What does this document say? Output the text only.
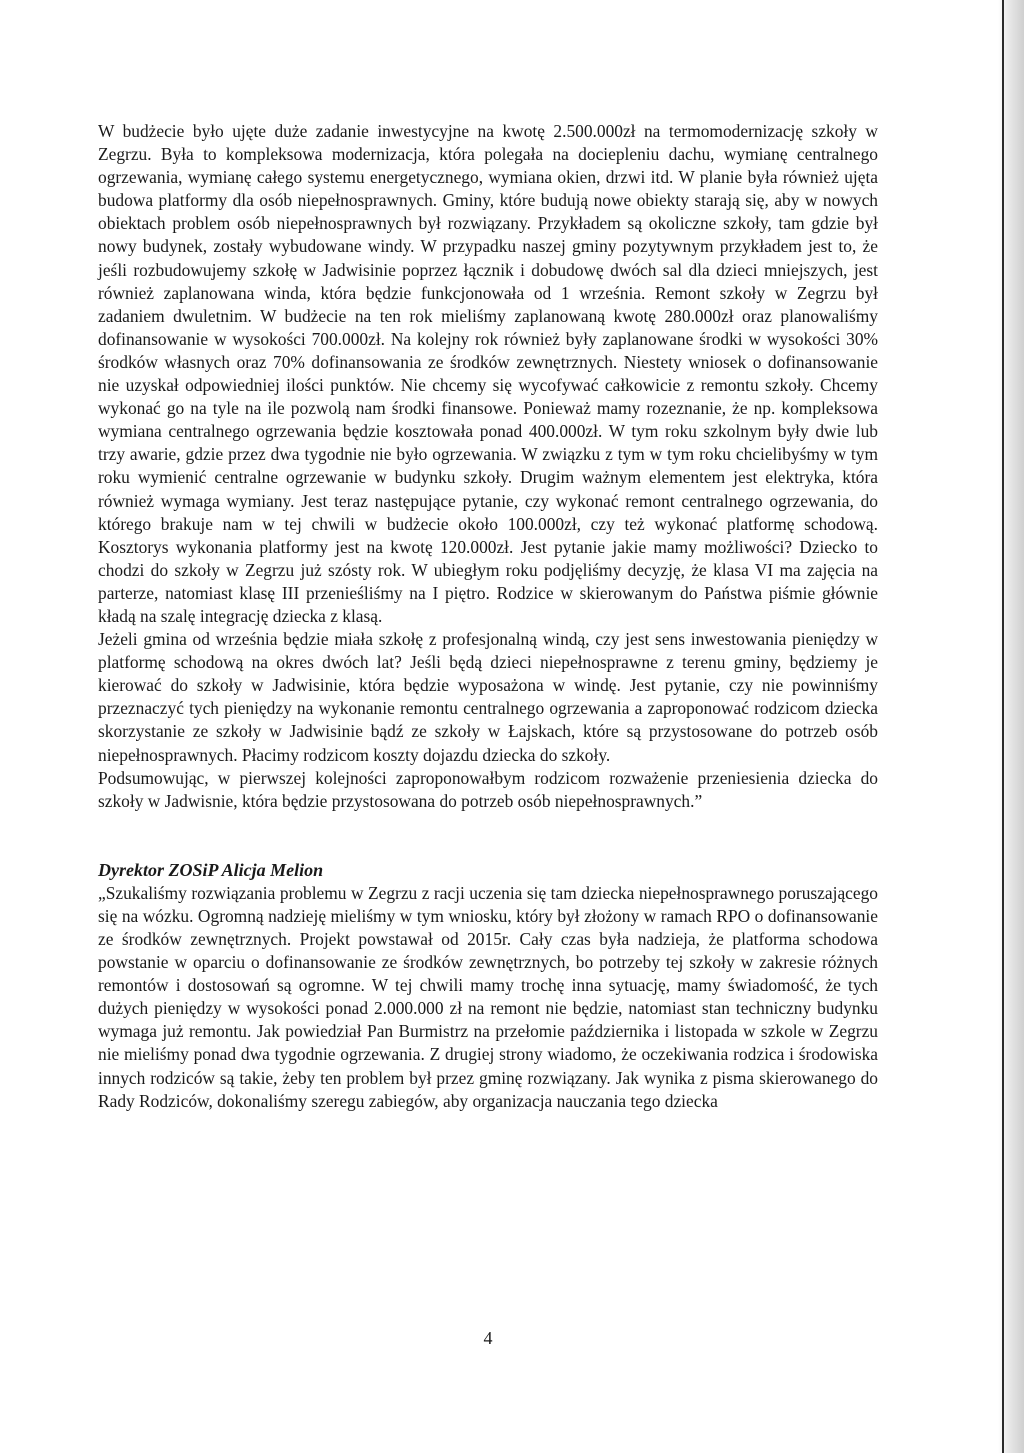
W budżecie było ujęte duże zadanie inwestycyjne na kwotę 2.500.000zł na termomodernizację szkoły w Zegrzu. Była to kompleksowa modernizacja, która polegała na dociepleniu dachu, wymianę centralnego ogrzewania, wymianę całego systemu energetycznego, wymiana okien, drzwi itd. W planie była również ujęta budowa platformy dla osób niepełnosprawnych. Gminy, które budują nowe obiekty starają się, aby w nowych obiektach problem osób niepełnosprawnych był rozwiązany. Przykładem są okoliczne szkoły, tam gdzie był nowy budynek, zostały wybudowane windy. W przypadku naszej gminy pozytywnym przykładem jest to, że jeśli rozbudowujemy szkołę w Jadwisinie poprzez łącznik i dobudowę dwóch sal dla dzieci mniejszych, jest również zaplanowana winda, która będzie funkcjonowała od 1 września. Remont szkoły w Zegrzu był zadaniem dwuletnim. W budżecie na ten rok mieliśmy zaplanowaną kwotę 280.000zł oraz planowaliśmy dofinansowanie w wysokości 700.000zł. Na kolejny rok również były zaplanowane środki w wysokości 30% środków własnych oraz 70% dofinansowania ze środków zewnętrznych. Niestety wniosek o dofinansowanie nie uzyskał odpowiedniej ilości punktów. Nie chcemy się wycofywać całkowicie z remontu szkoły. Chcemy wykonać go na tyle na ile pozwolą nam środki finansowe. Ponieważ mamy rozeznanie, że np. kompleksowa wymiana centralnego ogrzewania będzie kosztowała ponad 400.000zł. W tym roku szkolnym były dwie lub trzy awarie, gdzie przez dwa tygodnie nie było ogrzewania. W związku z tym w tym roku chcielibyśmy w tym roku wymienić centralne ogrzewanie w budynku szkoły. Drugim ważnym elementem jest elektryka, która również wymaga wymiany. Jest teraz następujące pytanie, czy wykonać remont centralnego ogrzewania, do którego brakuje nam w tej chwili w budżecie około 100.000zł, czy też wykonać platformę schodową. Kosztorys wykonania platformy jest na kwotę 120.000zł. Jest pytanie jakie mamy możliwości? Dziecko to chodzi do szkoły w Zegrzu już szósty rok. W ubiegłym roku podjęliśmy decyzję, że klasa VI ma zajęcia na parterze, natomiast klasę III przenieśliśmy na I piętro. Rodzice w skierowanym do Państwa piśmie głównie kładą na szalę integrację dziecka z klasą.

Jeżeli gmina od września będzie miała szkołę z profesjonalną windą, czy jest sens inwestowania pieniędzy w platformę schodową na okres dwóch lat? Jeśli będą dzieci niepełnosprawne z terenu gminy, będziemy je kierować do szkoły w Jadwisinie, która będzie wyposażona w windę. Jest pytanie, czy nie powinniśmy przeznaczyć tych pieniędzy na wykonanie remontu centralnego ogrzewania a zaproponować rodzicom dziecka skorzystanie ze szkoły w Jadwisinie bądź ze szkoły w Łajskach, które są przystosowane do potrzeb osób niepełnosprawnych. Płacimy rodzicom koszty dojazdu dziecka do szkoły.

Podsumowując, w pierwszej kolejności zaproponowałbym rodzicom rozważenie przeniesienia dziecka do szkoły w Jadwisnie, która będzie przystosowana do potrzeb osób niepełnosprawnych.”

Dyrektor ZOSiP Alicja Melion

„Szukaliśmy rozwiązania problemu w Zegrzu z racji uczenia się tam dziecka niepełnosprawnego poruszającego się na wózku. Ogromną nadzieję mieliśmy w tym wniosku, który był złożony w ramach RPO o dofinansowanie ze środków zewnętrznych. Projekt powstawał od 2015r. Cały czas była nadzieja, że platforma schodowa powstanie w oparciu o dofinansowanie ze środków zewnętrznych, bo potrzeby tej szkoły w zakresie różnych remontów i dostosowań są ogromne. W tej chwili mamy trochę inna sytuację, mamy świadomość, że tych dużych pieniędzy w wysokości ponad 2.000.000 zł na remont nie będzie, natomiast stan techniczny budynku wymaga już remontu. Jak powiedział Pan Burmistrz na przełomie października i listopada w szkole w Zegrzu nie mieliśmy ponad dwa tygodnie ogrzewania. Z drugiej strony wiadomo, że oczekiwania rodzica i środowiska innych rodziców są takie, żeby ten problem był przez gminę rozwiązany. Jak wynika z pisma skierowanego do Rady Rodziców, dokonaliśmy szeregu zabiegów, aby organizacja nauczania tego dziecka

4
